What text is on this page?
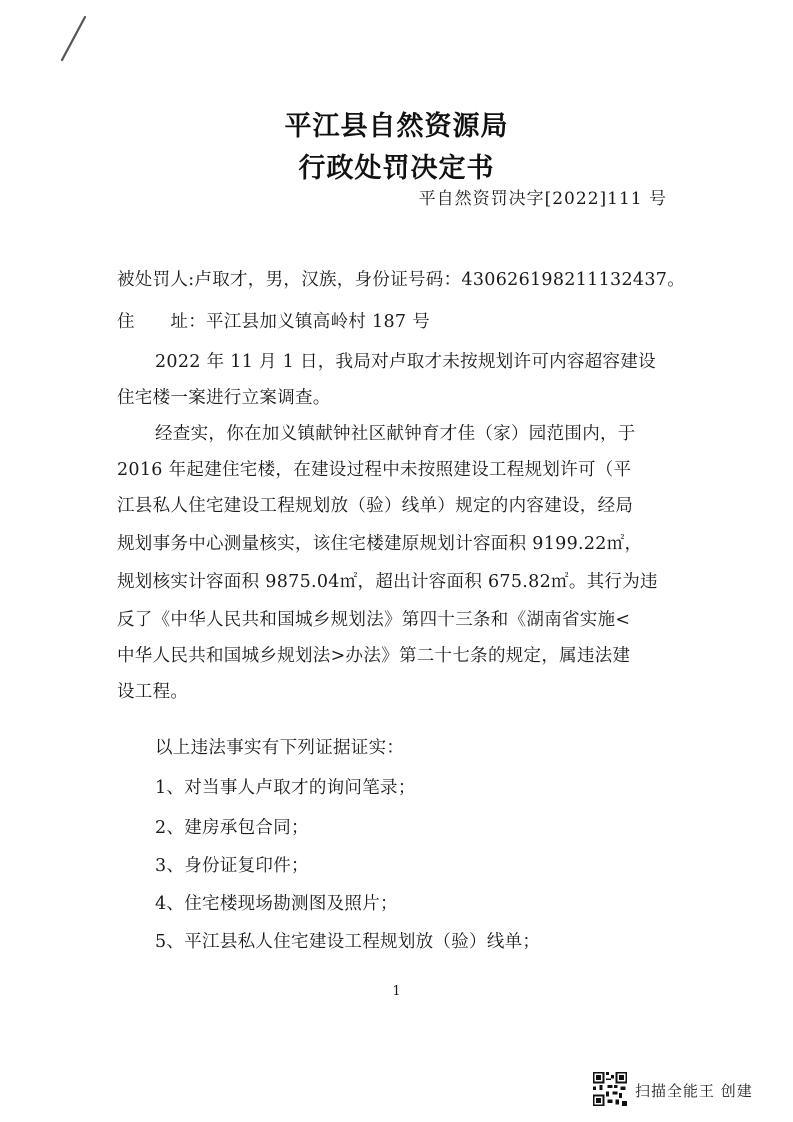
平江县自然资源局
行政处罚决定书
平自然资罚决字[2022]111 号
被处罚人:卢取才，男，汉族，身份证号码：430626198211132437。
住　　址：平江县加义镇高岭村 187 号
2022 年 11 月 1 日，我局对卢取才未按规划许可内容超容建设
住宅楼一案进行立案调查。
经查实，你在加义镇献钟社区献钟育才佳（家）园范围内，于
2016 年起建住宅楼，在建设过程中未按照建设工程规划许可（平
江县私人住宅建设工程规划放（验）线单）规定的内容建设，经局
规划事务中心测量核实，该住宅楼建原规划计容面积 9199.22㎡，
规划核实计容面积 9875.04㎡，超出计容面积 675.82㎡。其行为违
反了《中华人民共和国城乡规划法》第四十三条和《湖南省实施<
中华人民共和国城乡规划法>办法》第二十七条的规定，属违法建
设工程。
以上违法事实有下列证据证实：
1、对当事人卢取才的询问笔录；
2、建房承包合同；
3、身份证复印件；
4、住宅楼现场勘测图及照片；
5、平江县私人住宅建设工程规划放（验）线单；
1
扫描全能王 创建
